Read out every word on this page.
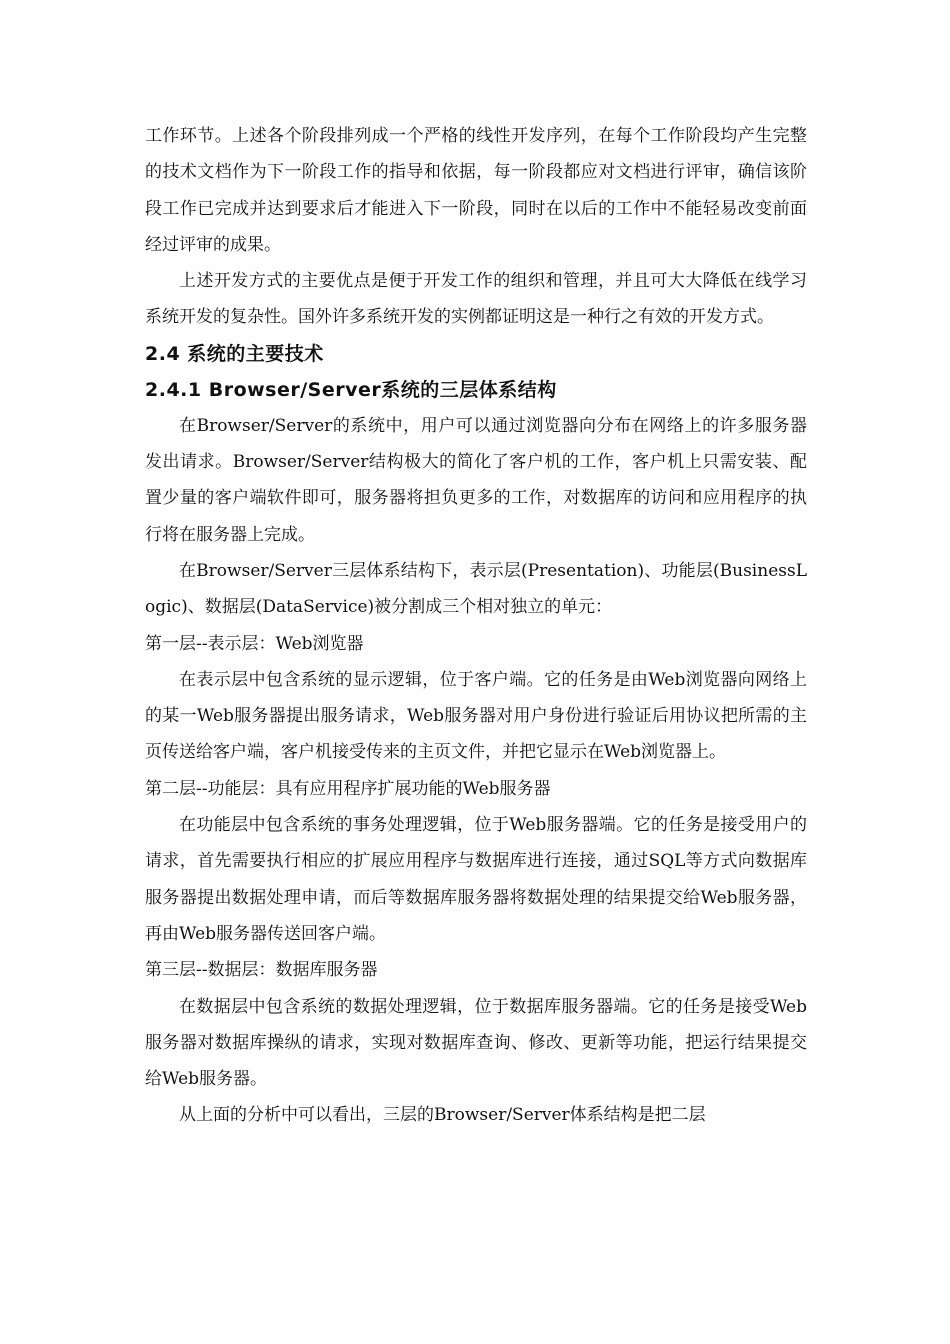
工作环节。上述各个阶段排列成一个严格的线性开发序列，在每个工作阶段均产生完整的技术文档作为下一阶段工作的指导和依据，每一阶段都应对文档进行评审，确信该阶段工作已完成并达到要求后才能进入下一阶段，同时在以后的工作中不能轻易改变前面经过评审的成果。

上述开发方式的主要优点是便于开发工作的组织和管理，并且可大大降低在线学习系统开发的复杂性。国外许多系统开发的实例都证明这是一种行之有效的开发方式。

2.4 系统的主要技术
2.4.1 Browser/Server系统的三层体系结构

在Browser/Server的系统中，用户可以通过浏览器向分布在网络上的许多服务器发出请求。Browser/Server结构极大的简化了客户机的工作，客户机上只需安装、配置少量的客户端软件即可，服务器将担负更多的工作，对数据库的访问和应用程序的执行将在服务器上完成。

在Browser/Server三层体系结构下，表示层(Presentation)、功能层(BusinessLogic)、数据层(DataService)被分割成三个相对独立的单元：

第一层--表示层：Web浏览器

在表示层中包含系统的显示逻辑，位于客户端。它的任务是由Web浏览器向网络上的某一Web服务器提出服务请求，Web服务器对用户身份进行验证后用协议把所需的主页传送给客户端，客户机接受传来的主页文件，并把它显示在Web浏览器上。

第二层--功能层：具有应用程序扩展功能的Web服务器

在功能层中包含系统的事务处理逻辑，位于Web服务器端。它的任务是接受用户的请求，首先需要执行相应的扩展应用程序与数据库进行连接，通过SQL等方式向数据库服务器提出数据处理申请，而后等数据库服务器将数据处理的结果提交给Web服务器，再由Web服务器传送回客户端。

第三层--数据层：数据库服务器

在数据层中包含系统的数据处理逻辑，位于数据库服务器端。它的任务是接受Web服务器对数据库操纵的请求，实现对数据库查询、修改、更新等功能，把运行结果提交给Web服务器。

从上面的分析中可以看出，三层的Browser/Server体系结构是把二层
